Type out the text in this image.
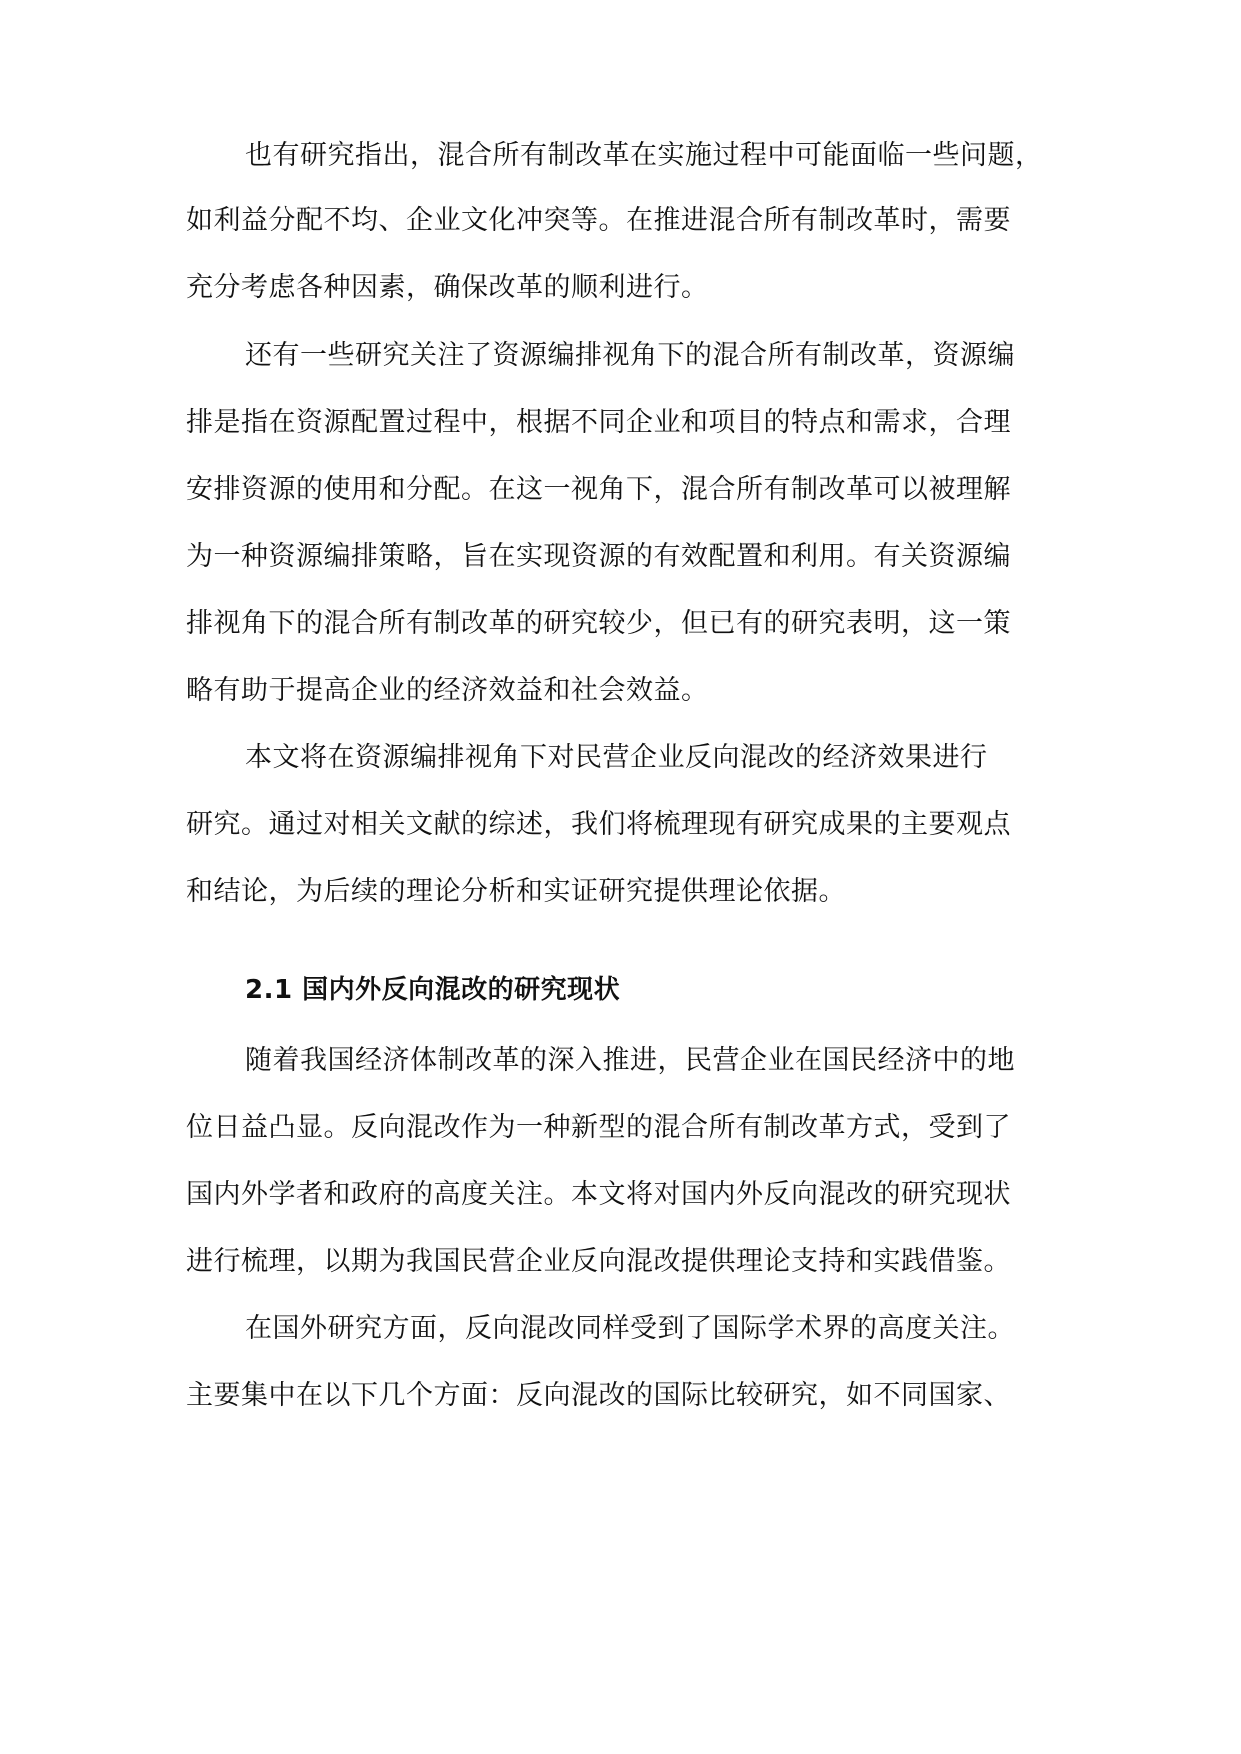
也有研究指出，混合所有制改革在实施过程中可能面临一些问题，
如利益分配不均、企业文化冲突等。在推进混合所有制改革时，需要
充分考虑各种因素，确保改革的顺利进行。
还有一些研究关注了资源编排视角下的混合所有制改革，资源编
排是指在资源配置过程中，根据不同企业和项目的特点和需求，合理
安排资源的使用和分配。在这一视角下，混合所有制改革可以被理解
为一种资源编排策略，旨在实现资源的有效配置和利用。有关资源编
排视角下的混合所有制改革的研究较少，但已有的研究表明，这一策
略有助于提高企业的经济效益和社会效益。
本文将在资源编排视角下对民营企业反向混改的经济效果进行
研究。通过对相关文献的综述，我们将梳理现有研究成果的主要观点
和结论，为后续的理论分析和实证研究提供理论依据。
2.1 国内外反向混改的研究现状
随着我国经济体制改革的深入推进，民营企业在国民经济中的地
位日益凸显。反向混改作为一种新型的混合所有制改革方式，受到了
国内外学者和政府的高度关注。本文将对国内外反向混改的研究现状
进行梳理，以期为我国民营企业反向混改提供理论支持和实践借鉴。
在国外研究方面，反向混改同样受到了国际学术界的高度关注。
主要集中在以下几个方面：反向混改的国际比较研究，如不同国家、
